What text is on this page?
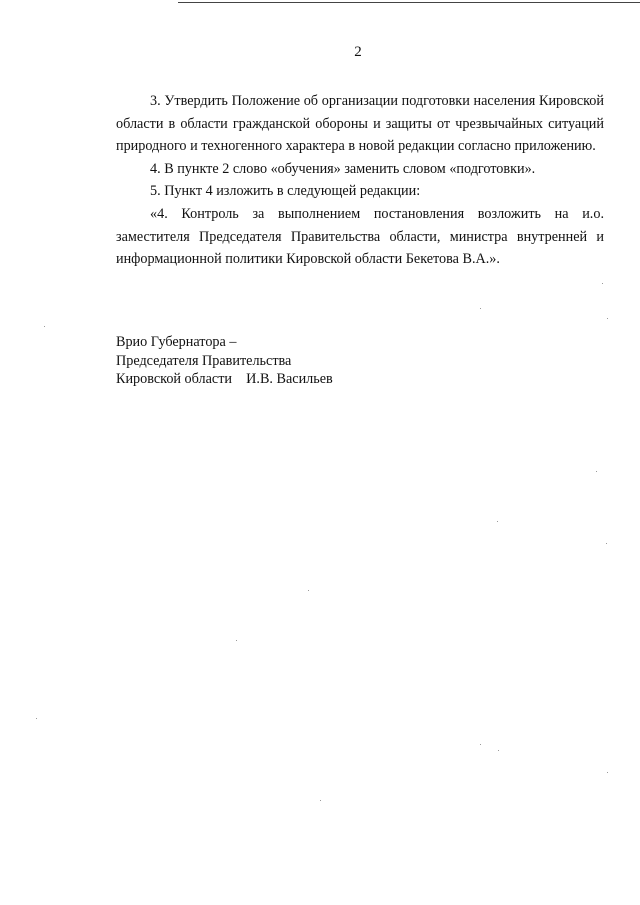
2

3. Утвердить Положение об организации подготовки населения Кировской области в области гражданской обороны и защиты от чрезвычайных ситуаций природного и техногенного характера в новой редакции согласно приложению.

4. В пункте 2 слово «обучения» заменить словом «подготовки».

5. Пункт 4 изложить в следующей редакции:

«4. Контроль за выполнением постановления возложить на и.о. заместителя Председателя Правительства области, министра внутренней и информационной политики Кировской области Бекетова В.А.».

Врио Губернатора –
Председателя Правительства
Кировской области    И.В. Васильев
